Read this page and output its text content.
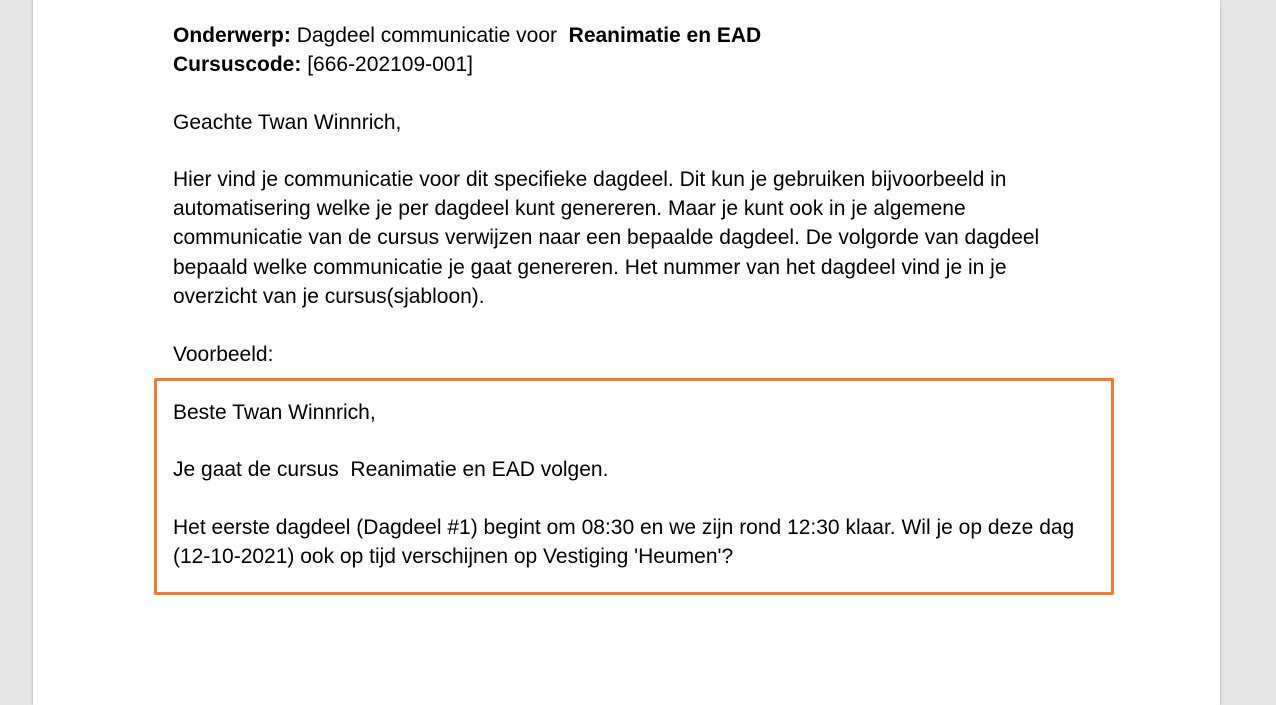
Onderwerp: Dagdeel communicatie voor  Reanimatie en EAD
Cursuscode: [666-202109-001]
Geachte Twan Winnrich,

Hier vind je communicatie voor dit specifieke dagdeel. Dit kun je gebruiken bijvoorbeeld in automatisering welke je per dagdeel kunt genereren. Maar je kunt ook in je algemene communicatie van de cursus verwijzen naar een bepaalde dagdeel. De volgorde van dagdeel bepaald welke communicatie je gaat genereren. Het nummer van het dagdeel vind je in je overzicht van je cursus(sjabloon).

Voorbeeld:
Beste Twan Winnrich,
Je gaat de cursus  Reanimatie en EAD volgen.
Het eerste dagdeel (Dagdeel #1) begint om 08:30 en we zijn rond 12:30 klaar. Wil je op deze dag (12-10-2021) ook op tijd verschijnen op Vestiging 'Heumen'?
